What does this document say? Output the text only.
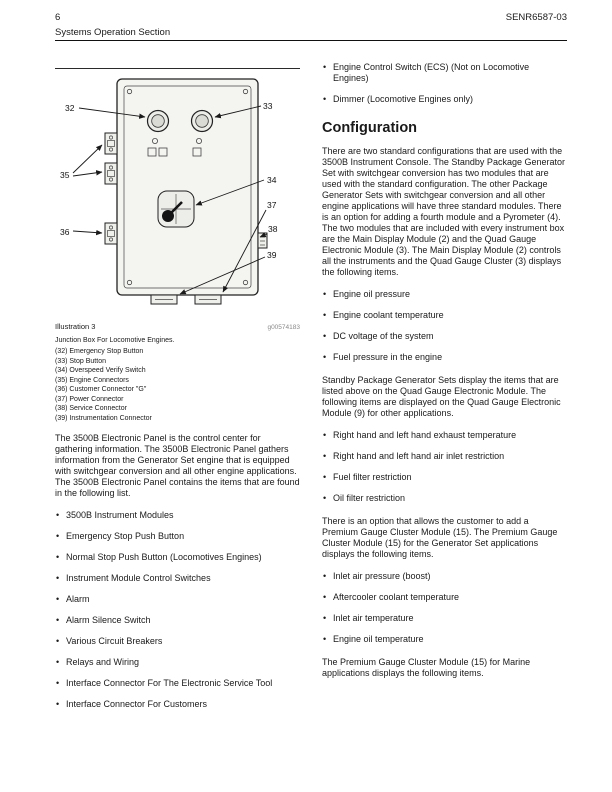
6
Systems Operation Section
SENR6587-03
32	33
34
35
36
37
38
39
Illustration 3	g00574183
Junction Box For Locomotive Engines.
(32) Emergency Stop Button
(33) Stop Button
(34) Overspeed Verify Switch
(35) Engine Connectors
(36) Customer Connector "G"
(37) Power Connector
(38) Service Connector
(39) Instrumentation Connector

The 3500B Electronic Panel is the control center for gathering information. The 3500B Electronic Panel gathers information from the Generator Set engine that is equipped with switchgear conversion and all other engine applications. The 3500B Electronic Panel contains the items that are found in the following list.

• 3500B Instrument Modules
• Emergency Stop Push Button
• Normal Stop Push Button (Locomotives Engines)
• Instrument Module Control Switches
• Alarm
• Alarm Silence Switch
• Various Circuit Breakers
• Relays and Wiring
• Interface Connector For The Electronic Service Tool
• Interface Connector For Customers
• Engine Control Switch (ECS) (Not on Locomotive Engines)
• Dimmer (Locomotive Engines only)
Configuration

There are two standard configurations that are used with the 3500B Instrument Console. The Standby Package Generator Set with switchgear conversion has two modules that are used with the standard configuration. The other Package Generator Sets with switchgear conversion and all other engine applications will have three standard modules. There is an option for adding a fourth module and a Pyrometer (4). The two modules that are included with every instrument box are the Main Display Module (2) and the Quad Gauge Electronic Module (3). The Main Display Module (2) controls all the instruments and the Quad Gauge Cluster (3) displays the following items.

• Engine oil pressure
• Engine coolant temperature
• DC voltage of the system
• Fuel pressure in the engine

Standby Package Generator Sets display the items that are listed above on the Quad Gauge Electronic Module. The following items are displayed on the Quad Gauge Electronic Module (9) for other applications.

• Right hand and left hand exhaust temperature
• Right hand and left hand air inlet restriction
• Fuel filter restriction
• Oil filter restriction

There is an option that allows the customer to add a Premium Gauge Cluster Module (15). The Premium Gauge Cluster Module (15) for the Generator Set applications displays the following items.

• Inlet air pressure (boost)
• Aftercooler coolant temperature
• Inlet air temperature
• Engine oil temperature

The Premium Gauge Cluster Module (15) for Marine applications displays the following items.
